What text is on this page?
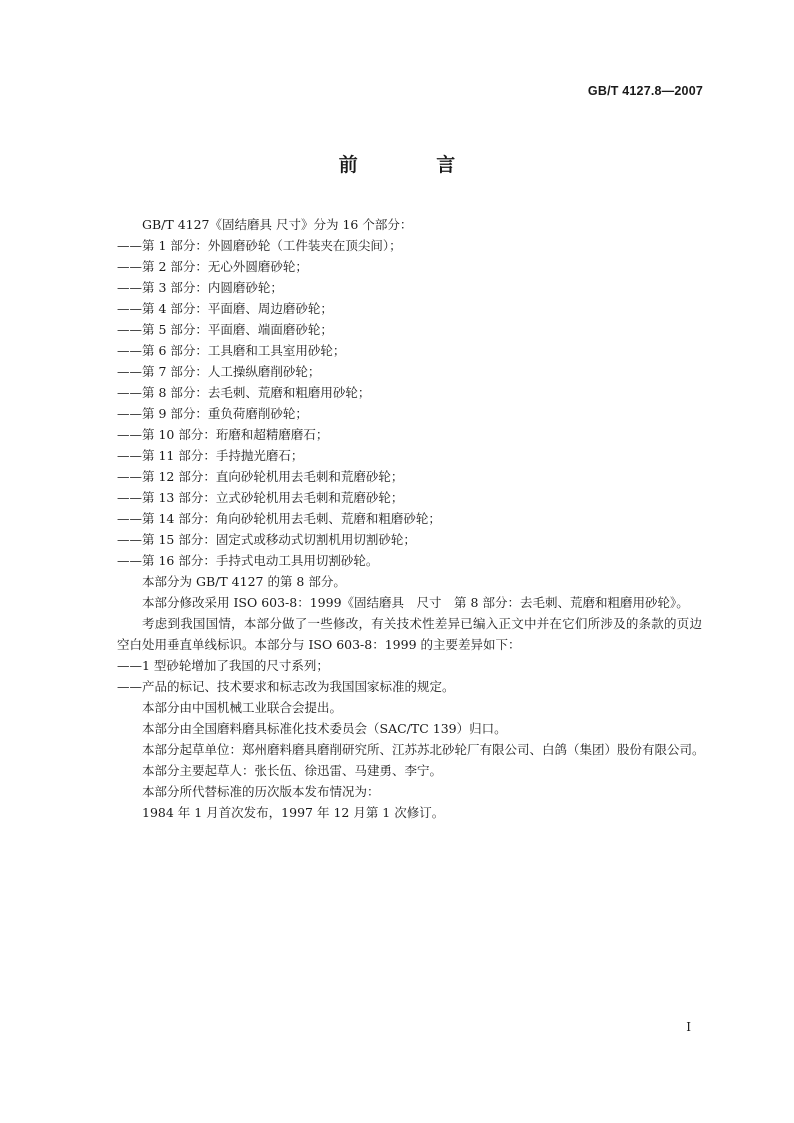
GB/T 4127.8—2007
前 言
GB/T 4127《固结磨具 尺寸》分为 16 个部分：
——第 1 部分：外圆磨砂轮（工件装夹在顶尖间）；
——第 2 部分：无心外圆磨砂轮；
——第 3 部分：内圆磨砂轮；
——第 4 部分：平面磨、周边磨砂轮；
——第 5 部分：平面磨、端面磨砂轮；
——第 6 部分：工具磨和工具室用砂轮；
——第 7 部分：人工操纵磨削砂轮；
——第 8 部分：去毛刺、荒磨和粗磨用砂轮；
——第 9 部分：重负荷磨削砂轮；
——第 10 部分：珩磨和超精磨磨石；
——第 11 部分：手持抛光磨石；
——第 12 部分：直向砂轮机用去毛刺和荒磨砂轮；
——第 13 部分：立式砂轮机用去毛刺和荒磨砂轮；
——第 14 部分：角向砂轮机用去毛刺、荒磨和粗磨砂轮；
——第 15 部分：固定式或移动式切割机用切割砂轮；
——第 16 部分：手持式电动工具用切割砂轮。
本部分为 GB/T 4127 的第 8 部分。
本部分修改采用 ISO 603-8：1999《固结磨具　尺寸　第 8 部分：去毛刺、荒磨和粗磨用砂轮》。
考虑到我国国情，本部分做了一些修改，有关技术性差异已编入正文中并在它们所涉及的条款的页边空白处用垂直单线标识。本部分与 ISO 603-8：1999 的主要差异如下：
——1 型砂轮增加了我国的尺寸系列；
——产品的标记、技术要求和标志改为我国国家标准的规定。
本部分由中国机械工业联合会提出。
本部分由全国磨料磨具标准化技术委员会（SAC/TC 139）归口。
本部分起草单位：郑州磨料磨具磨削研究所、江苏苏北砂轮厂有限公司、白鸽（集团）股份有限公司。
本部分主要起草人：张长伍、徐迅雷、马建勇、李宁。
本部分所代替标准的历次版本发布情况为：
1984 年 1 月首次发布，1997 年 12 月第 1 次修订。
I
